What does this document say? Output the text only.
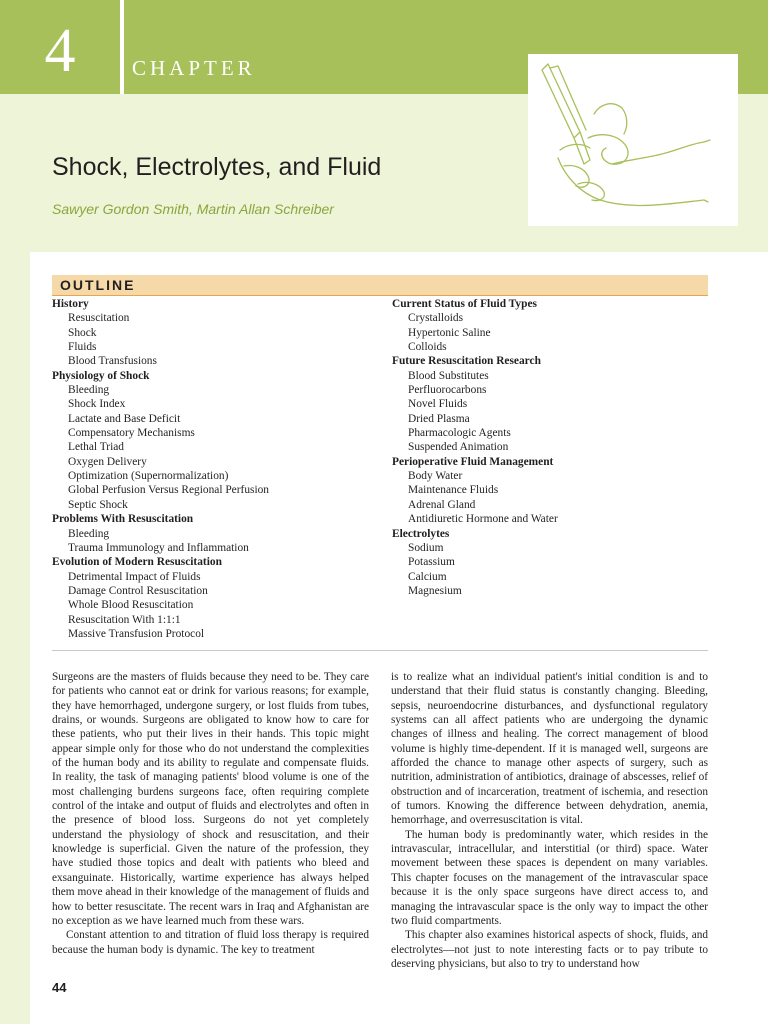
4	CHAPTER
Shock, Electrolytes, and Fluid
Sawyer Gordon Smith, Martin Allan Schreiber
OUTLINE
History
Resuscitation
Shock
Fluids
Blood Transfusions
Physiology of Shock
Bleeding
Shock Index
Lactate and Base Deficit
Compensatory Mechanisms
Lethal Triad
Oxygen Delivery
Optimization (Supernormalization)
Global Perfusion Versus Regional Perfusion
Septic Shock
Problems With Resuscitation
Bleeding
Trauma Immunology and Inflammation
Evolution of Modern Resuscitation
Detrimental Impact of Fluids
Damage Control Resuscitation
Whole Blood Resuscitation
Resuscitation With 1:1:1
Massive Transfusion Protocol
Current Status of Fluid Types
Crystalloids
Hypertonic Saline
Colloids
Future Resuscitation Research
Blood Substitutes
Perfluorocarbons
Novel Fluids
Dried Plasma
Pharmacologic Agents
Suspended Animation
Perioperative Fluid Management
Body Water
Maintenance Fluids
Adrenal Gland
Antidiuretic Hormone and Water
Electrolytes
Sodium
Potassium
Calcium
Magnesium

Surgeons are the masters of fluids because they need to be. They care for patients who cannot eat or drink for various reasons; for example, they have hemorrhaged, undergone surgery, or lost fluids from tubes, drains, or wounds. Surgeons are obligated to know how to care for these patients, who put their lives in their hands. This topic might appear simple only for those who do not understand the complexities of the human body and its ability to regulate and compensate fluids. In reality, the task of managing patients' blood volume is one of the most challenging burdens surgeons face, often requiring complete control of the intake and output of fluids and electrolytes and often in the presence of blood loss. Surgeons do not yet completely understand the physiology of shock and resuscitation, and their knowledge is superficial. Given the nature of the profession, they have studied those topics and dealt with patients who bleed and exsanguinate. Historically, wartime experience has always helped them move ahead in their knowledge of the management of fluids and how to better resuscitate. The recent wars in Iraq and Afghanistan are no exception as we have learned much from these wars.

Constant attention to and titration of fluid loss therapy is required because the human body is dynamic. The key to treatment

is to realize what an individual patient's initial condition is and to understand that their fluid status is constantly changing. Bleeding, sepsis, neuroendocrine disturbances, and dysfunctional regulatory systems can all affect patients who are undergoing the dynamic changes of illness and healing. The correct management of blood volume is highly time-dependent. If it is managed well, surgeons are afforded the chance to manage other aspects of surgery, such as nutrition, administration of antibiotics, drainage of abscesses, relief of obstruction and of incarceration, treatment of ischemia, and resection of tumors. Knowing the difference between dehydration, anemia, hemorrhage, and overresuscitation is vital.

The human body is predominantly water, which resides in the intravascular, intracellular, and interstitial (or third) space. Water movement between these spaces is dependent on many variables. This chapter focuses on the management of the intravascular space because it is the only space surgeons have direct access to, and managing the intravascular space is the only way to impact the other two fluid compartments.

This chapter also examines historical aspects of shock, fluids, and electrolytes—not just to note interesting facts or to pay tribute to deserving physicians, but also to try to understand how

44
